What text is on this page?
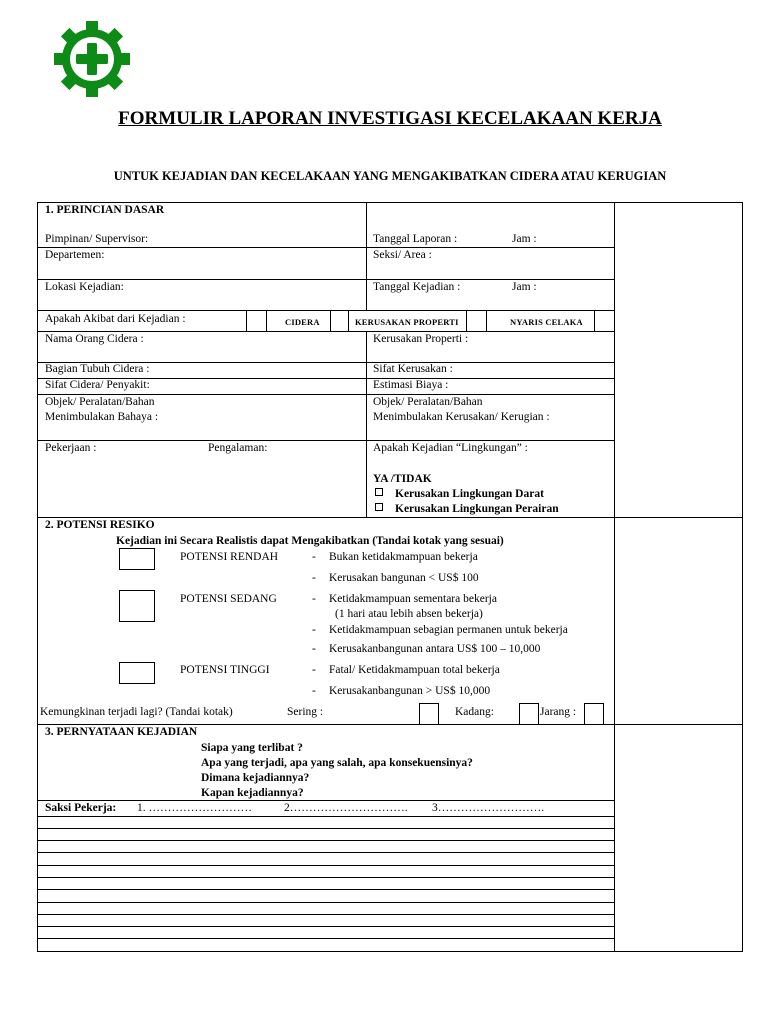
FORMULIR LAPORAN INVESTIGASI KECELAKAAN KERJA
UNTUK KEJADIAN DAN KECELAKAAN YANG MENGAKIBATKAN CIDERA ATAU KERUGIAN
1. PERINCIAN DASAR
Pimpinan/ Supervisor:	Tanggal Laporan :	Jam :
Departemen:	Seksi/ Area :
Lokasi Kejadian:	Tanggal Kejadian :	Jam :
Apakah Akibat dari Kejadian :	CIDERA	KERUSAKAN PROPERTI	NYARIS CELAKA
Nama Orang Cidera :	Kerusakan Properti :
Bagian Tubuh Cidera :	Sifat Kerusakan :
Sifat Cidera/ Penyakit:	Estimasi Biaya :
Objek/ Peralatan/Bahan
Menimbulakan Bahaya :
Objek/ Peralatan/Bahan
Menimbulakan Kerusakan/ Kerugian :
Pekerjaan :	Pengalaman:	Apakah Kejadian “Lingkungan” :
YA /TIDAK
Kerusakan Lingkungan Darat
Kerusakan Lingkungan Perairan
2. POTENSI RESIKO
Kejadian ini Secara Realistis dapat Mengakibatkan (Tandai kotak yang sesuai)
POTENSI RENDAH	- Bukan ketidakmampuan bekerja
- Kerusakan bangunan < US$ 100
POTENSI SEDANG	- Ketidakmampuan sementara bekerja
(1 hari atau lebih absen bekerja)
- Ketidakmampuan sebagian permanen untuk bekerja
- Kerusakanbangunan antara US$ 100 – 10,000
POTENSI TINGGI	- Fatal/ Ketidakmampuan total bekerja
- Kerusakanbangunan > US$ 10,000
Kemungkinan terjadi lagi? (Tandai kotak)	Sering :	Kadang:	Jarang :
3. PERNYATAAN KEJADIAN
Siapa yang terlibat ?
Apa yang terjadi, apa yang salah, apa konsekuensinya?
Dimana kejadiannya?
Kapan kejadiannya?
Saksi Pekerja: 1. ………………………	2…………………………. 3……………………….
